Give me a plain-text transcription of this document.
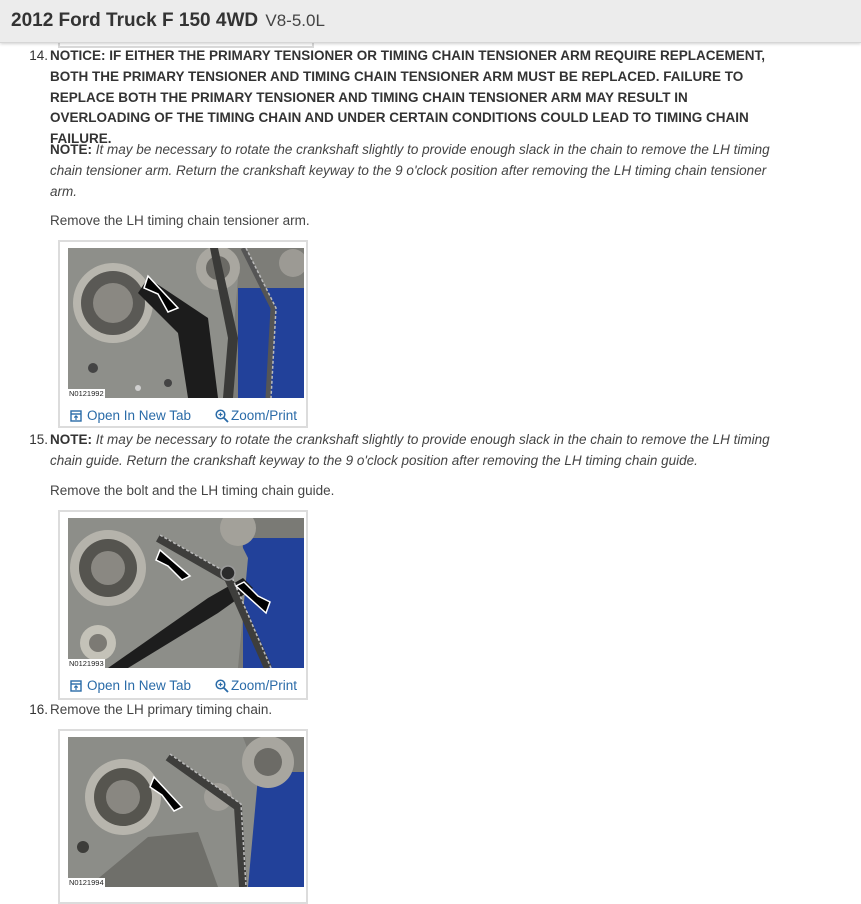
14. NOTICE: IF EITHER THE PRIMARY TENSIONER OR TIMING CHAIN TENSIONER ARM REQUIRE REPLACEMENT, BOTH THE PRIMARY TENSIONER AND TIMING CHAIN TENSIONER ARM MUST BE REPLACED. FAILURE TO REPLACE BOTH THE PRIMARY TENSIONER AND TIMING CHAIN TENSIONER ARM MAY RESULT IN OVERLOADING OF THE TIMING CHAIN AND UNDER CERTAIN CONDITIONS COULD LEAD TO TIMING CHAIN FAILURE.
NOTE: It may be necessary to rotate the crankshaft slightly to provide enough slack in the chain to remove the LH timing chain tensioner arm. Return the crankshaft keyway to the 9 o'clock position after removing the LH timing chain tensioner arm.
Remove the LH timing chain tensioner arm.
N0121992
Open In New Tab	Zoom/Print
15. NOTE: It may be necessary to rotate the crankshaft slightly to provide enough slack in the chain to remove the LH timing chain guide. Return the crankshaft keyway to the 9 o'clock position after removing the LH timing chain guide.
Remove the bolt and the LH timing chain guide.
N0121993
Open In New Tab	Zoom/Print
16. Remove the LH primary timing chain.
N0121994
2012 Ford Truck F 150 4WD V8-5.0L
